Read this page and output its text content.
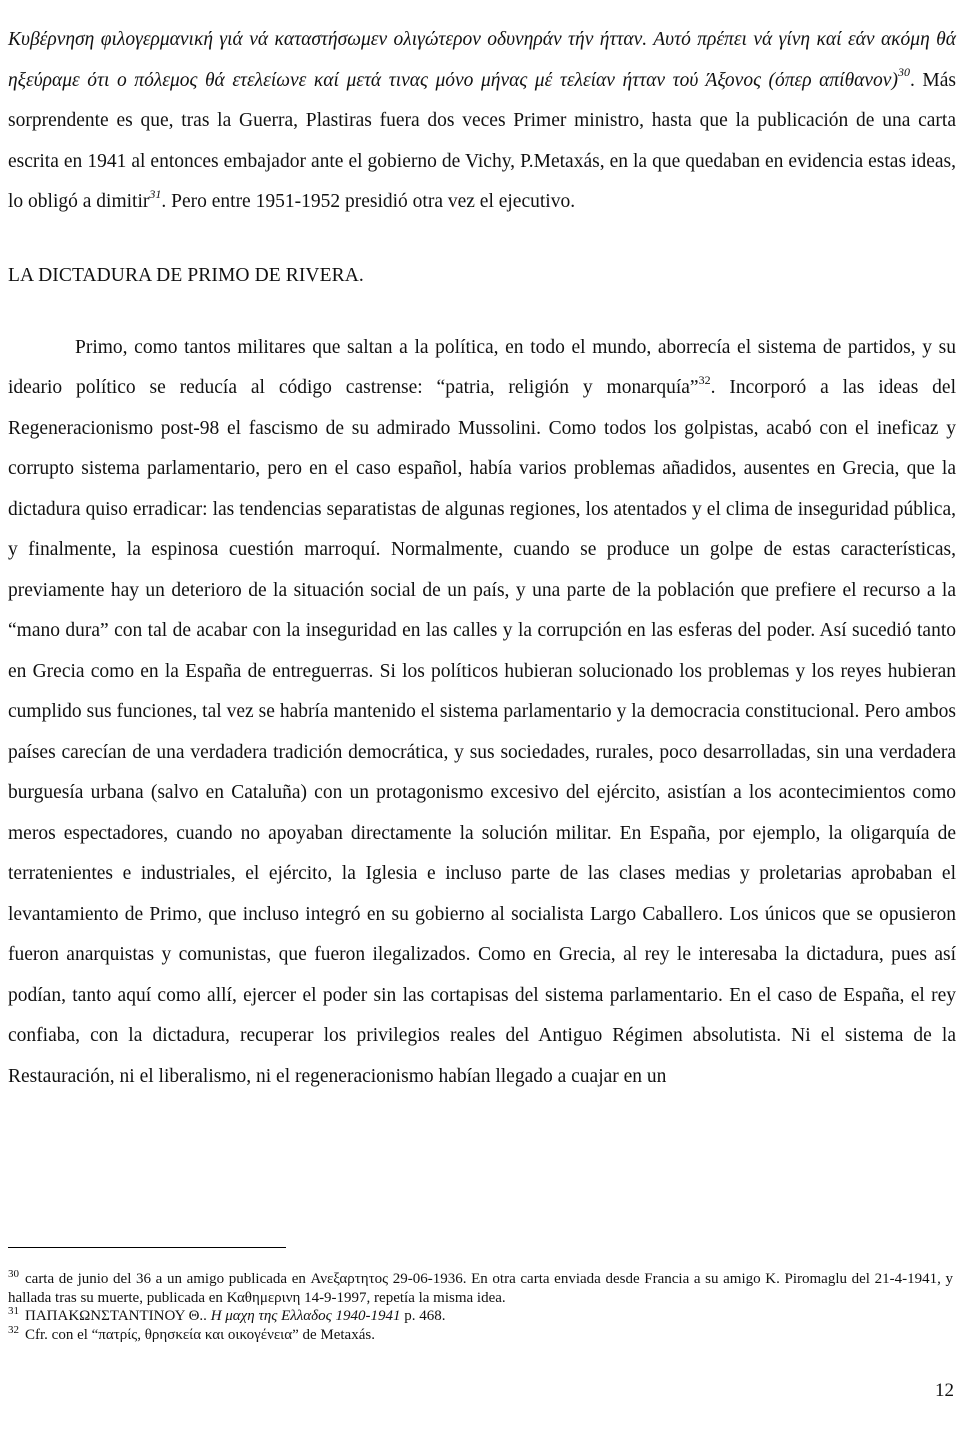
Κυβέρνηση φιλογερμανική γιά νά καταστήσωμεν ολιγώτερον οδυνηράν τήν ήτταν. Αυτό πρέπει νά γίνη καί εάν ακόμη θά ηξεύραμε ότι ο πόλεμος θά ετελείωνε καί μετά τινας μόνο μήνας μέ τελείαν ήτταν τού Άξονος (όπερ απίθανον)$^{30}$. Más sorprendente es que, tras la Guerra, Plastiras fuera dos veces Primer ministro, hasta que la publicación de una carta escrita en 1941 al entonces embajador ante el gobierno de Vichy, P.Metaxás, en la que quedaban en evidencia estas ideas, lo obligó a dimitir$^{31}$. Pero entre 1951-1952 presidió otra vez el ejecutivo.

LA DICTADURA DE PRIMO DE RIVERA.

Primo, como tantos militares que saltan a la política, en todo el mundo, aborrecía el sistema de partidos, y su ideario político se reducía al código castrense: “patria, religión y monarquía”$^{32}$. Incorporó a las ideas del Regeneracionismo post-98 el fascismo de su admirado Mussolini. Como todos los golpistas, acabó con el ineficaz y corrupto sistema parlamentario, pero en el caso español, había varios problemas añadidos, ausentes en Grecia, que la dictadura quiso erradicar: las tendencias separatistas de algunas regiones, los atentados y el clima de inseguridad pública, y finalmente, la espinosa cuestión marroquí. Normalmente, cuando se produce un golpe de estas características, previamente hay un deterioro de la situación social de un país, y una parte de la población que prefiere el recurso a la “mano dura” con tal de acabar con la inseguridad en las calles y la corrupción en las esferas del poder. Así sucedió tanto en Grecia como en la España de entreguerras. Si los políticos hubieran solucionado los problemas y los reyes hubieran cumplido sus funciones, tal vez se habría mantenido el sistema parlamentario y la democracia constitucional. Pero ambos países carecían de una verdadera tradición democrática, y sus sociedades, rurales, poco desarrolladas, sin una verdadera burguesía urbana (salvo en Cataluña) con un protagonismo excesivo del ejército, asistían a los acontecimientos como meros espectadores, cuando no apoyaban directamente la solución militar. En España, por ejemplo, la oligarquía de terratenientes e industriales, el ejército, la Iglesia e incluso parte de las clases medias y proletarias aprobaban el levantamiento de Primo, que incluso integró en su gobierno al socialista Largo Caballero. Los únicos que se opusieron fueron anarquistas y comunistas, que fueron ilegalizados. Como en Grecia, al rey le interesaba la dictadura, pues así podían, tanto aquí como allí, ejercer el poder sin las cortapisas del sistema parlamentario. En el caso de España, el rey confiaba, con la dictadura, recuperar los privilegios reales del Antiguo Régimen absolutista. Ni el sistema de la Restauración, ni el liberalismo, ni el regeneracionismo habían llegado a cuajar en un

$^{30}$ carta de junio del 36 a un amigo publicada en Ανεξαρτητος 29-06-1936. En otra carta enviada desde Francia a su amigo K. Piromaglu del 21-4-1941, y hallada tras su muerte, publicada en Καθημερινη 14-9-1997, repetía la misma idea.

$^{31}$ ΠΑΠΑΚΩΝΣΤΑΝΤΙΝΟΥ Θ.. Η μαχη της Ελλαδος 1940-1941 p. 468.

$^{32}$ Cfr. con el “πατρίς, θρησκεία και οικογένεια” de Metaxás.

12
